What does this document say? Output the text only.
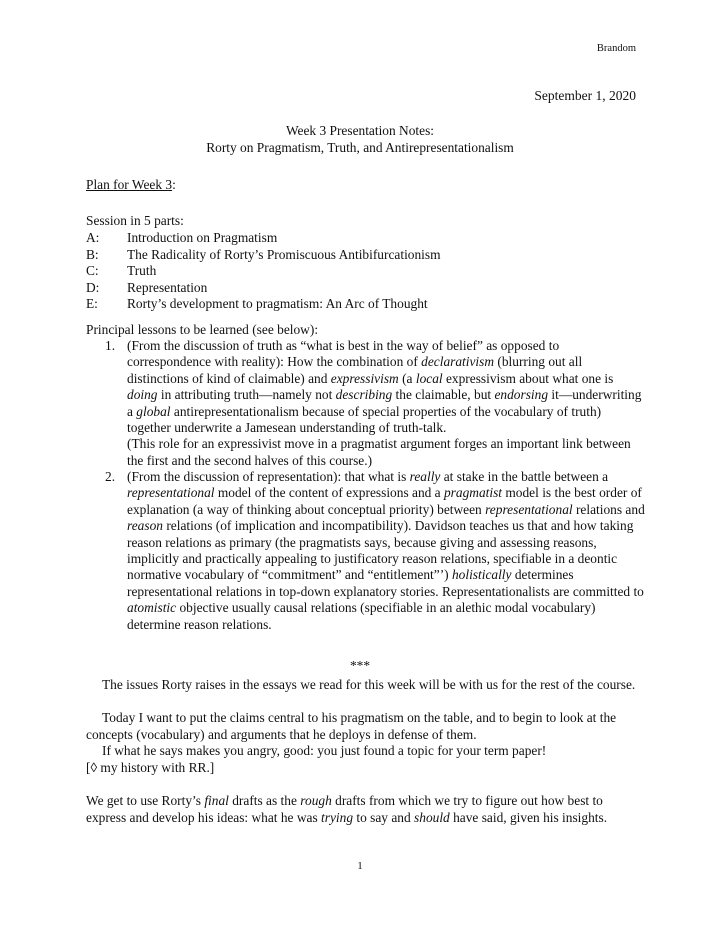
Brandom
September 1, 2020
Week 3 Presentation Notes:
Rorty on Pragmatism, Truth, and Antirepresentationalism
Plan for Week 3:
Session in 5 parts:
A: Introduction on Pragmatism
B: The Radicality of Rorty’s Promiscuous Antibifurcationism
C: Truth
D: Representation
E: Rorty’s development to pragmatism: An Arc of Thought
Principal lessons to be learned (see below):
1. (From the discussion of truth as “what is best in the way of belief” as opposed to correspondence with reality): How the combination of declarativism (blurring out all distinctions of kind of claimable) and expressivism (a local expressivism about what one is doing in attributing truth—namely not describing the claimable, but endorsing it—underwriting a global antirepresentationalism because of special properties of the vocabulary of truth) together underwrite a Jamesean understanding of truth-talk.
(This role for an expressivist move in a pragmatist argument forges an important link between the first and the second halves of this course.)
2. (From the discussion of representation): that what is really at stake in the battle between a representational model of the content of expressions and a pragmatist model is the best order of explanation (a way of thinking about conceptual priority) between representational relations and reason relations (of implication and incompatibility). Davidson teaches us that and how taking reason relations as primary (the pragmatists says, because giving and assessing reasons, implicitly and practically appealing to justificatory reason relations, specifiable in a deontic normative vocabulary of “commitment” and “entitlement”’) holistically determines representational relations in top-down explanatory stories. Representationalists are committed to atomistic objective usually causal relations (specifiable in an alethic modal vocabulary) determine reason relations.
***
The issues Rorty raises in the essays we read for this week will be with us for the rest of the course.
Today I want to put the claims central to his pragmatism on the table, and to begin to look at the concepts (vocabulary) and arguments that he deploys in defense of them.
If what he says makes you angry, good: you just found a topic for your term paper!
[◊ my history with RR.]
We get to use Rorty’s final drafts as the rough drafts from which we try to figure out how best to express and develop his ideas: what he was trying to say and should have said, given his insights.
1
